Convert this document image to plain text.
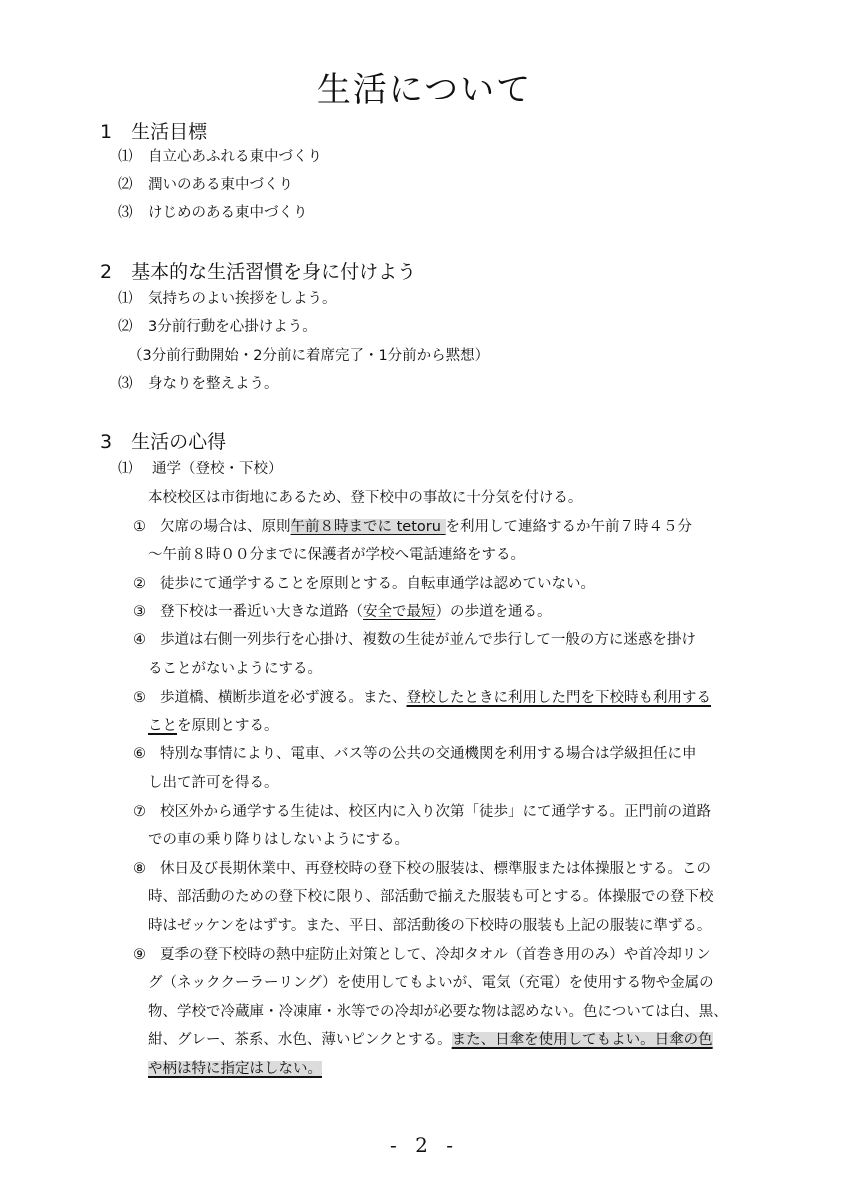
生活について
1　生活目標
⑴ 自立心あふれる東中づくり
⑵ 潤いのある東中づくり
⑶ けじめのある東中づくり
2　基本的な生活習慣を身に付けよう
⑴ 気持ちのよい挨拶をしよう。
⑵ 3分前行動を心掛けよう。
（3分前行動開始・2分前に着席完了・1分前から黙想）
⑶ 身なりを整えよう。
3　生活の心得
⑴ 通学（登校・下校）
本校校区は市街地にあるため、登下校中の事故に十分気を付ける。
① 欠席の場合は、原則午前８時までに tetoru を利用して連絡するか午前７時４５分
～午前８時００分までに保護者が学校へ電話連絡をする。
② 徒歩にて通学することを原則とする。自転車通学は認めていない。
③ 登下校は一番近い大きな道路（安全で最短）の歩道を通る。
④ 歩道は右側一列歩行を心掛け、複数の生徒が並んで歩行して一般の方に迷惑を掛け
ることがないようにする。
⑤ 歩道橋、横断歩道を必ず渡る。また、登校したときに利用した門を下校時も利用する
ことを原則とする。
⑥ 特別な事情により、電車、バス等の公共の交通機関を利用する場合は学級担任に申
し出て許可を得る。
⑦ 校区外から通学する生徒は、校区内に入り次第「徒歩」にて通学する。正門前の道路
での車の乗り降りはしないようにする。
⑧ 休日及び長期休業中、再登校時の登下校の服装は、標準服または体操服とする。この
時、部活動のための登下校に限り、部活動で揃えた服装も可とする。体操服での登下校
時はゼッケンをはずす。また、平日、部活動後の下校時の服装も上記の服装に準ずる。
⑨ 夏季の登下校時の熱中症防止対策として、冷却タオル（首巻き用のみ）や首冷却リン
グ（ネッククーラーリング）を使用してもよいが、電気（充電）を使用する物や金属の
物、学校で冷蔵庫・冷凍庫・氷等での冷却が必要な物は認めない。色については白、黒、
紺、グレー、茶系、水色、薄いピンクとする。また、日傘を使用してもよい。日傘の色
や柄は特に指定はしない。
- 2 -
